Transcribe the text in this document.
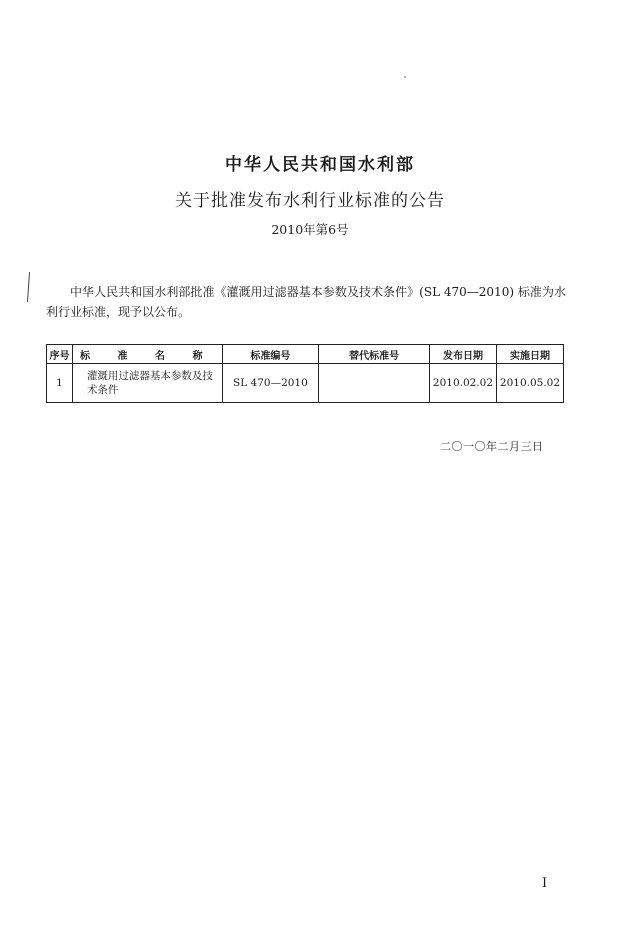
中华人民共和国水利部
关于批准发布水利行业标准的公告
2010年第6号

中华人民共和国水利部批准《灌溉用过滤器基本参数及技术条件》(SL 470—2010) 标准为水利行业标准，现予以公布。

序号	标 准 名 称	标准编号	替代标准号	发布日期	实施日期
1	灌溉用过滤器基本参数及技术条件	SL 470—2010		2010.02.02	2010.05.02
二〇一〇年二月三日
I
